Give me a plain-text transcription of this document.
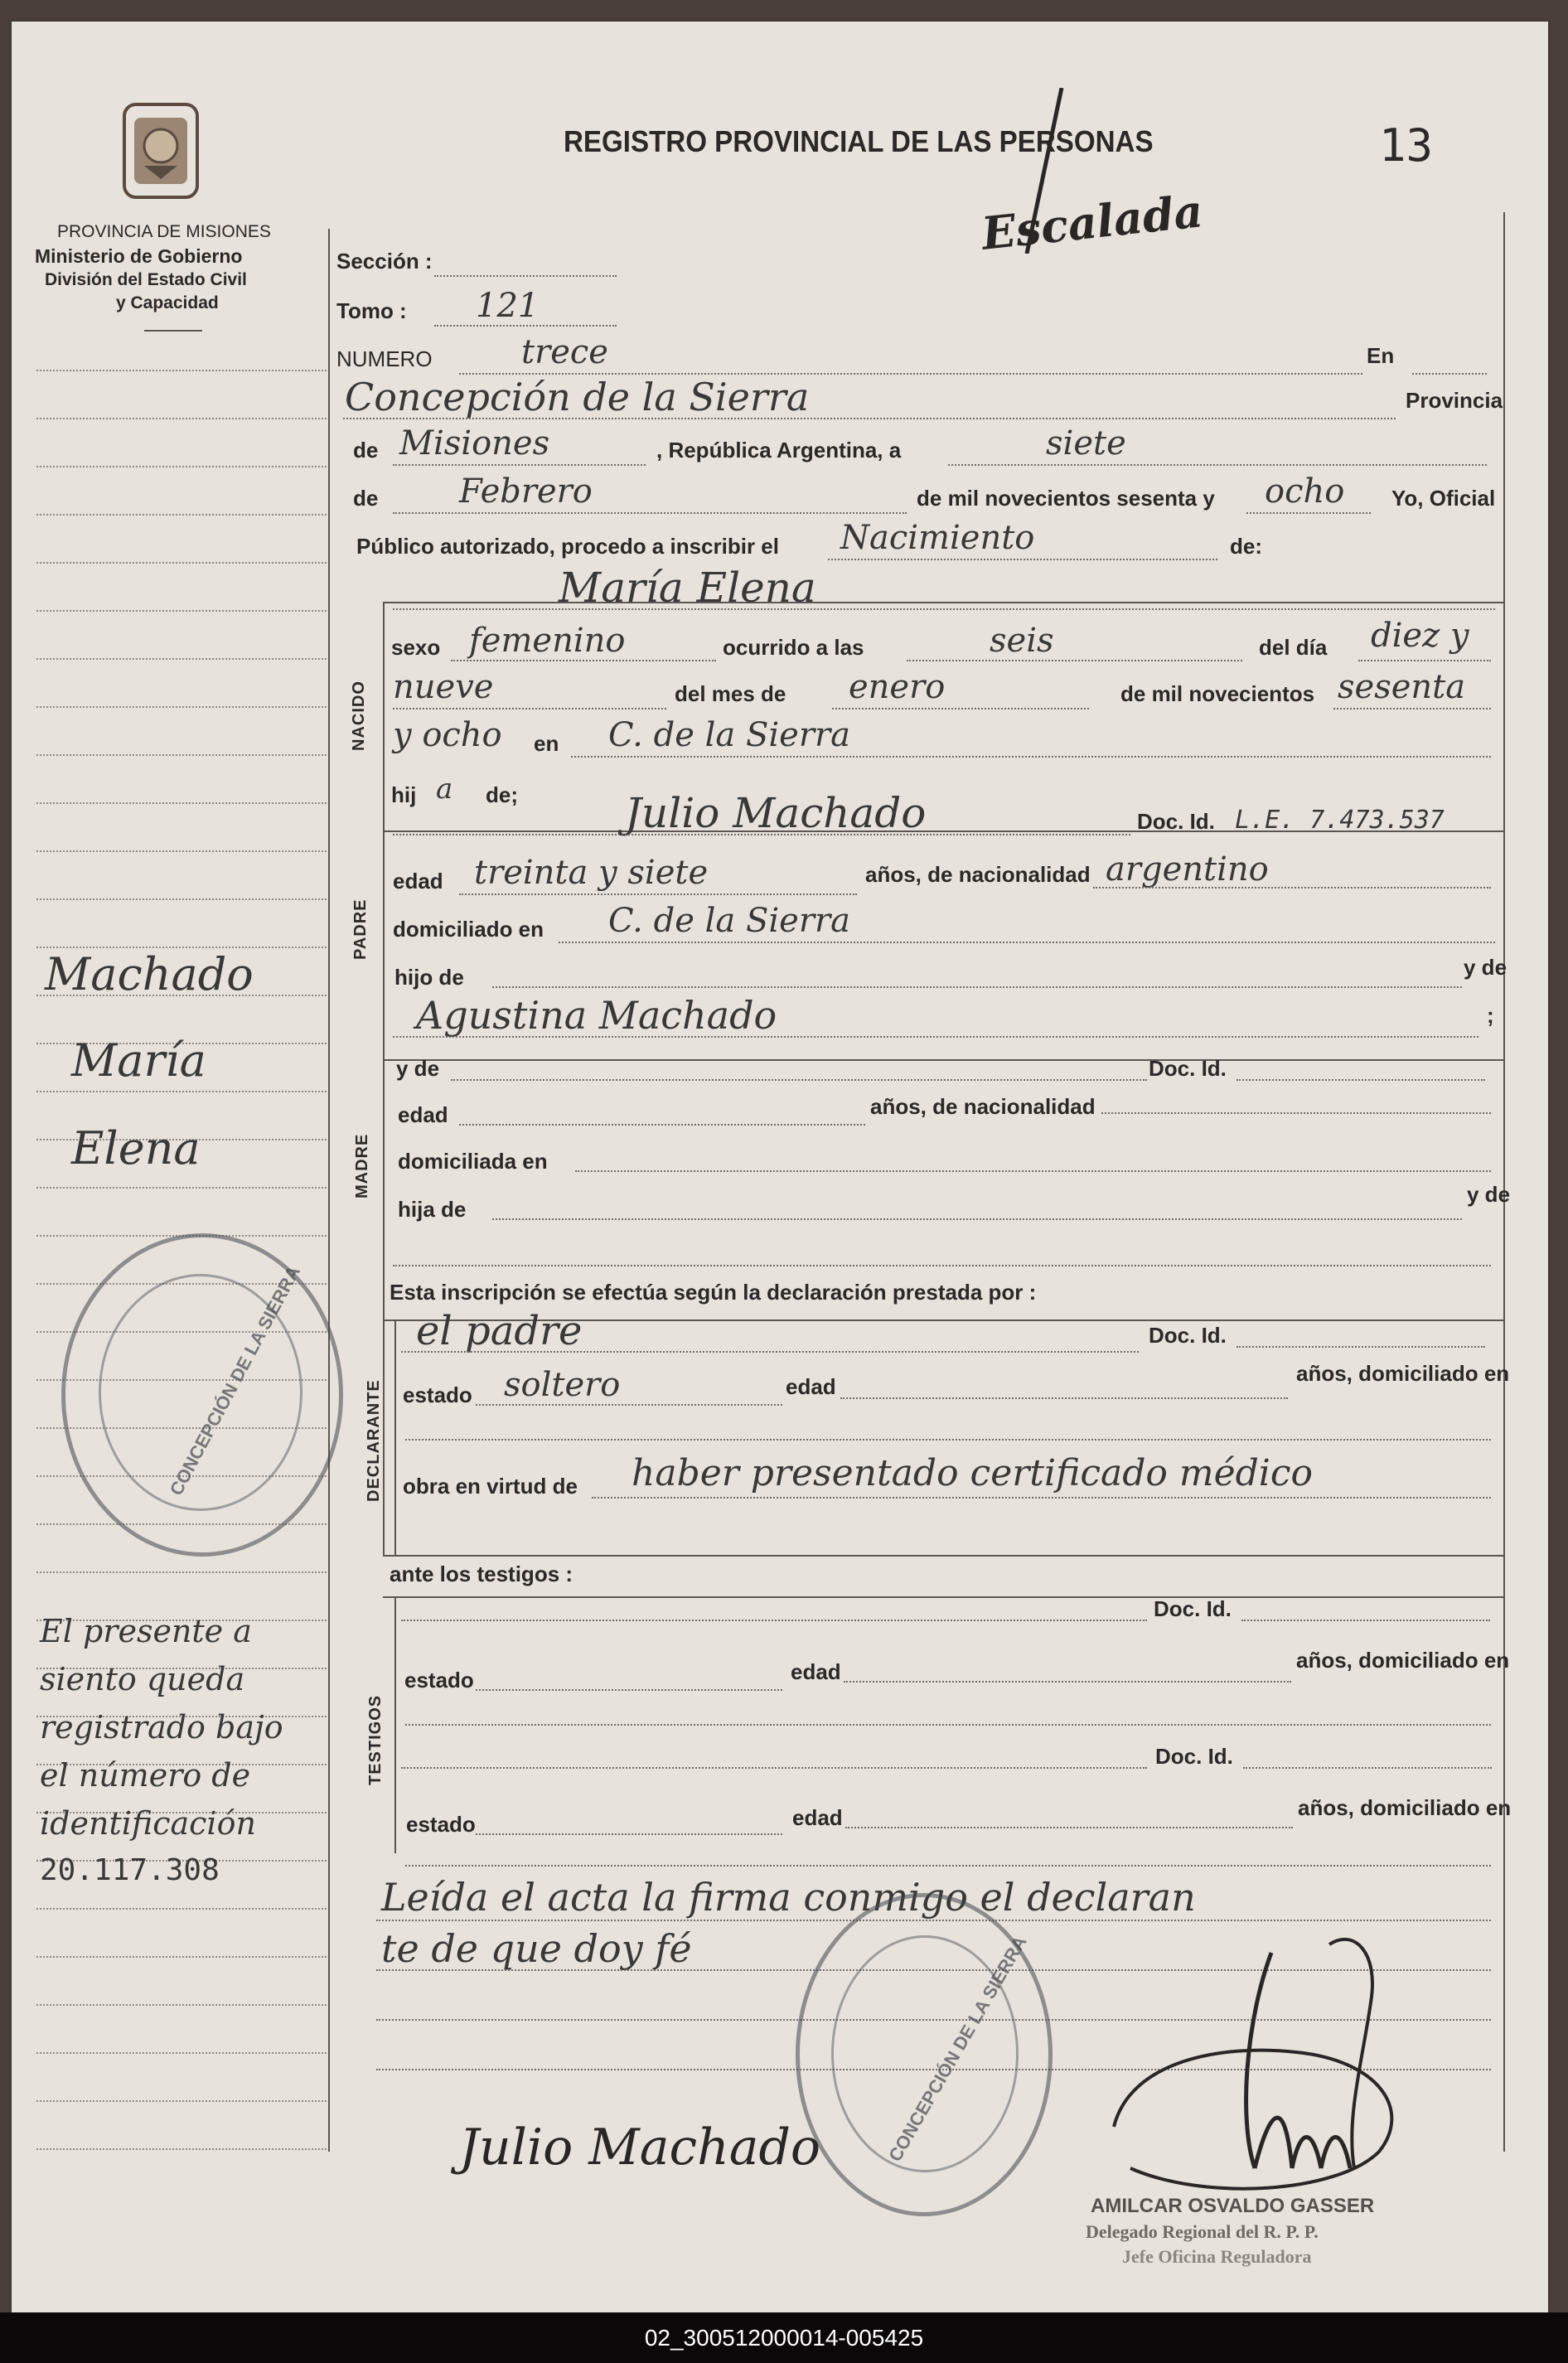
PROVINCIA DE MISIONES
Ministerio de Gobierno
División del Estado Civil
y Capacidad
REGISTRO PROVINCIAL DE LAS PERSONAS	13
Escalada
Machado
María
Elena
El presente a
siento queda
registrado bajo
el número de
identificación
20.117.308
CONCEPCIÓN DE LA SIERRA
Sección :
Tomo : 121
NUMERO	trece	En
Concepción de la Sierra	Provincia
de Misiones	, República Argentina, a	siete
de Febrero	de mil novecientos sesenta y ocho Yo, Oficial
Público autorizado, procedo a inscribir el Nacimiento	de:
NACIDO
María Elena
sexo femenino	ocurrido a las	seis	del día diez y
nueve	del mes de enero	de mil novecientos sesenta
y ocho en C. de la Sierra
hij a de;
PADRE
Julio Machado	Doc. Id. L.E. 7.473.537
edad treinta y siete	años, de nacionalidad argentino
domiciliado en C. de la Sierra
hijo de	y de
Agustina Machado	;
MADRE
y de	Doc. Id.
edad	años, de nacionalidad
domiciliada en
hija de
y de
Esta inscripción se efectúa según la declaración prestada por :
DECLARANTE
el padre	Doc. Id.
estado soltero	edad
años, domiciliado en
obra en virtud de haber presentado certificado médico
ante los testigos :
TESTIGOS
Doc. Id.
estado	edad	años, domiciliado en
Doc. Id.
estado	edad	años, domiciliado en
Leída el acta la firma conmigo el declaran
te de que doy fé	CONCEPCIÓN DE LA SIERRA
Julio Machado
AMILCAR OSVALDO GASSER
Delegado Regional del R. P. P.
Jefe Oficina Reguladora
02_300512000014-005425
